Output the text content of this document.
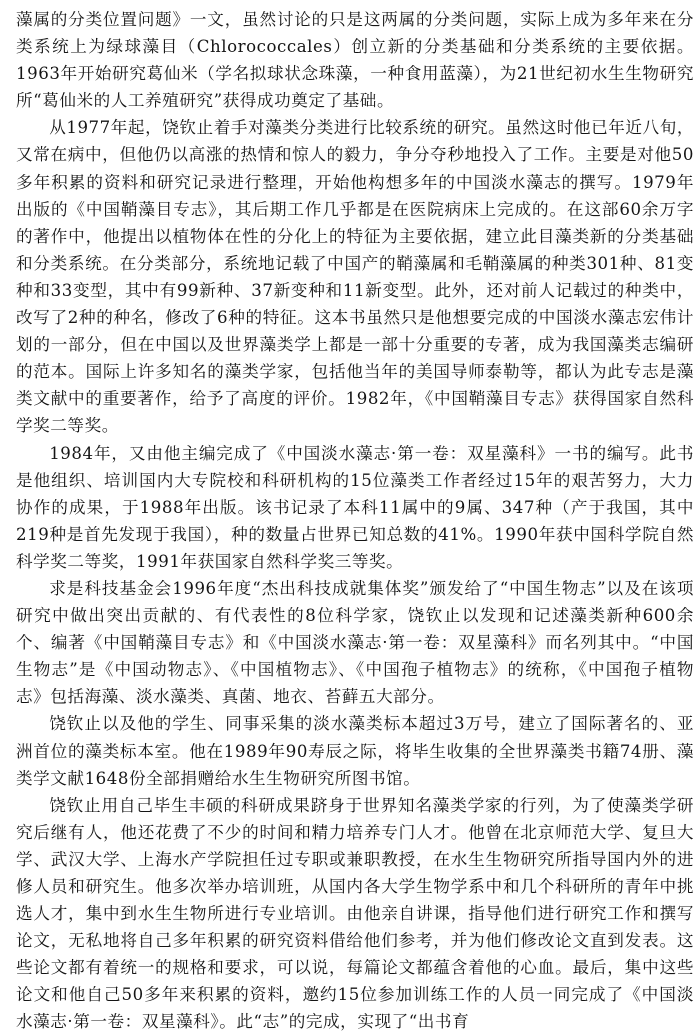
藻属的分类位置问题》一文，虽然讨论的只是这两属的分类问题，实际上成为多年来在分类系统上为绿球藻目（Chlorococcales）创立新的分类基础和分类系统的主要依据。1963年开始研究葛仙米（学名拟球状念珠藻，一种食用蓝藻），为21世纪初水生生物研究所“葛仙米的人工养殖研究”获得成功奠定了基础。

从1977年起，饶钦止着手对藻类分类进行比较系统的研究。虽然这时他已年近八旬，又常在病中，但他仍以高涨的热情和惊人的毅力，争分夺秒地投入了工作。主要是对他50多年积累的资料和研究记录进行整理，开始他构想多年的中国淡水藻志的撰写。1979年出版的《中国鞘藻目专志》，其后期工作几乎都是在医院病床上完成的。在这部60余万字的著作中，他提出以植物体在性的分化上的特征为主要依据，建立此目藻类新的分类基础和分类系统。在分类部分，系统地记载了中国产的鞘藻属和毛鞘藻属的种类301种、81变种和33变型，其中有99新种、37新变种和11新变型。此外，还对前人记载过的种类中，改写了2种的种名，修改了6种的特征。这本书虽然只是他想要完成的中国淡水藻志宏伟计划的一部分，但在中国以及世界藻类学上都是一部十分重要的专著，成为我国藻类志编研的范本。国际上许多知名的藻类学家，包括他当年的美国导师泰勒等，都认为此专志是藻类文献中的重要著作，给予了高度的评价。1982年，《中国鞘藻目专志》获得国家自然科学奖二等奖。

1984年，又由他主编完成了《中国淡水藻志·第一卷：双星藻科》一书的编写。此书是他组织、培训国内大专院校和科研机构的15位藻类工作者经过15年的艰苦努力，大力协作的成果，于1988年出版。该书记录了本科11属中的9属、347种（产于我国，其中219种是首先发现于我国），种的数量占世界已知总数的41%。1990年获中国科学院自然科学奖二等奖，1991年获国家自然科学奖三等奖。

求是科技基金会1996年度“杰出科技成就集体奖”颁发给了“中国生物志”以及在该项研究中做出突出贡献的、有代表性的8位科学家，饶钦止以发现和记述藻类新种600余个、编著《中国鞘藻目专志》和《中国淡水藻志·第一卷：双星藻科》而名列其中。“中国生物志”是《中国动物志》、《中国植物志》、《中国孢子植物志》的统称，《中国孢子植物志》包括海藻、淡水藻类、真菌、地衣、苔藓五大部分。

饶钦止以及他的学生、同事采集的淡水藻类标本超过3万号，建立了国际著名的、亚洲首位的藻类标本室。他在1989年90寿辰之际，将毕生收集的全世界藻类书籍74册、藻类学文献1648份全部捐赠给水生生物研究所图书馆。

饶钦止用自己毕生丰硕的科研成果跻身于世界知名藻类学家的行列，为了使藻类学研究后继有人，他还花费了不少的时间和精力培养专门人才。他曾在北京师范大学、复旦大学、武汉大学、上海水产学院担任过专职或兼职教授，在水生生物研究所指导国内外的进修人员和研究生。他多次举办培训班，从国内各大学生物学系中和几个科研所的青年中挑选人才，集中到水生生物所进行专业培训。由他亲自讲课，指导他们进行研究工作和撰写论文，无私地将自己多年积累的研究资料借给他们参考，并为他们修改论文直到发表。这些论文都有着统一的规格和要求，可以说，每篇论文都蕴含着他的心血。最后，集中这些论文和他自己50多年来积累的资料，邀约15位参加训练工作的人员一同完成了《中国淡水藻志·第一卷：双星藻科》。此“志”的完成，实现了“出书育
